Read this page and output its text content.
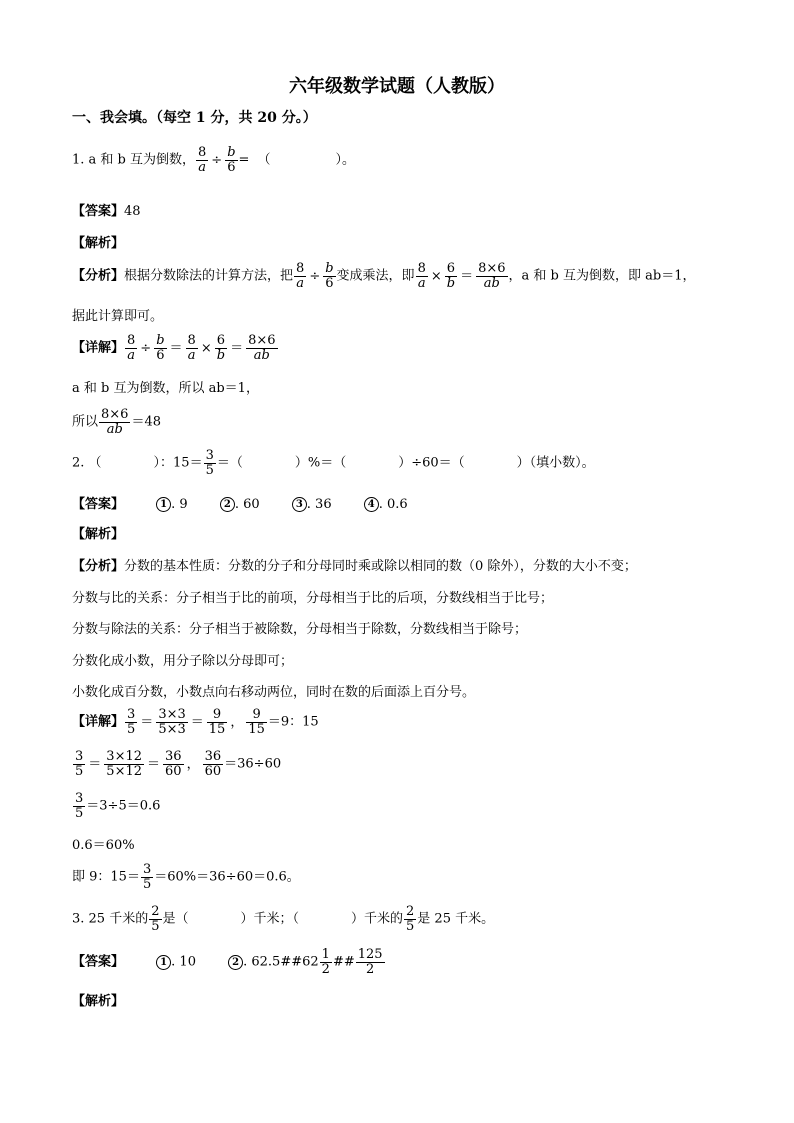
六年级数学试题（人教版）
一、我会填。（每空 1 分，共 20 分。）
1. a 和 b 互为倒数， $\frac{8}{a} \div \frac{b}{6}$ = （　　　　　）。
【答案】48
【解析】
【分析】根据分数除法的计算方法，把 $\frac{8}{a} \div \frac{b}{6}$ 变成乘法，即 $\frac{8}{a} \times \frac{6}{b} = \frac{8\times 6}{ab}$ ，a 和 b 互为倒数，即 ab＝1，
据此计算即可。
【详解】 $\frac{8}{a} \div \frac{b}{6} = \frac{8}{a} \times \frac{6}{b} = \frac{8\times 6}{ab}$
a 和 b 互为倒数，所以 ab＝1，
所以 $\frac{8\times 6}{ab} =48$
2. （　　　　）：$15= \frac{3}{5}$ ＝（　　　　）%＝（　　　　）÷60＝（　　　　）（填小数）。
【答案】	1 . 9	2 . 60	3 . 36	4 . 0.6
【解析】
【分析】分数的基本性质：分数的分子和分母同时乘或除以相同的数（0 除外），分数的大小不变；
分数与比的关系：分子相当于比的前项，分母相当于比的后项，分数线相当于比号；
分数与除法的关系：分子相当于被除数，分母相当于除数，分数线相当于除号；
分数化成小数，用分子除以分母即可；
小数化成百分数，小数点向右移动两位，同时在数的后面添上百分号。
【详解】 $\frac{3}{5} = \frac{3\times 3}{5\times 3} = \frac{9}{15}$ ， $\frac{9}{15} =9$：15
$\frac{3}{5} = \frac{3\times 12}{5\times 12} = \frac{36}{60}$ ， $\frac{36}{60} =36\div 60$
$\frac{3}{5} =3\div 5=0.6$
0.6＝60%
即 9：$15= \frac{3}{5} =60\%=36\div 60=0.6$。
3. 25 千米的 $\frac{2}{5}$ 是（　　　　）千米；（　　　　）千米的 $\frac{2}{5}$ 是 25 千米。
【答案】	1 . 10	2 . 62.5##62 $\frac{1}{2}$ ## $\frac{125}{2}$
【解析】
